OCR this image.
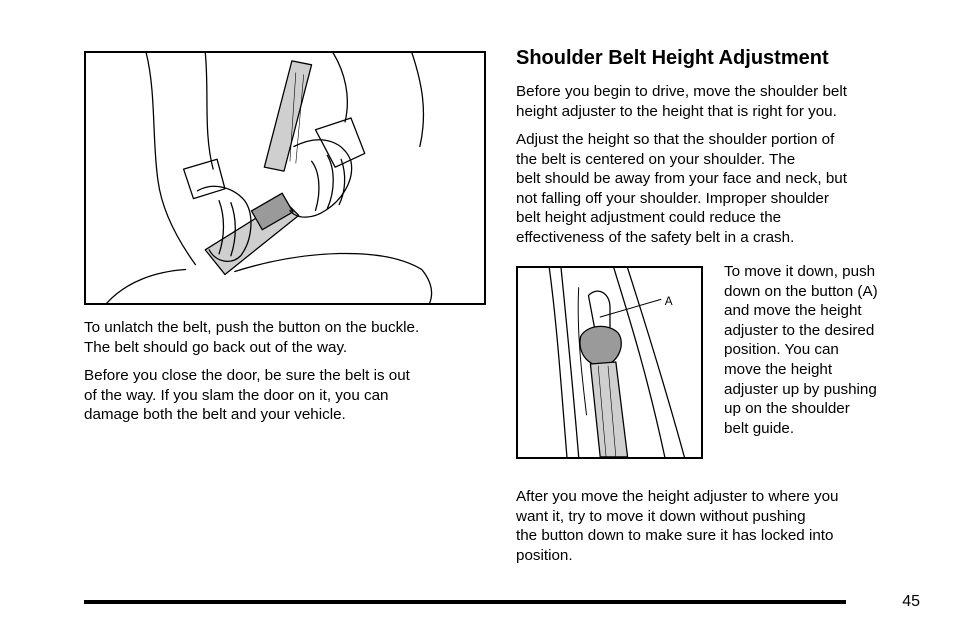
To unlatch the belt, push the button on the buckle.
The belt should go back out of the way.

Before you close the door, be sure the belt is out
of the way. If you slam the door on it, you can
damage both the belt and your vehicle.

Shoulder Belt Height Adjustment

Before you begin to drive, move the shoulder belt
height adjuster to the height that is right for you.

Adjust the height so that the shoulder portion of
the belt is centered on your shoulder. The
belt should be away from your face and neck, but
not falling off your shoulder. Improper shoulder
belt height adjustment could reduce the
effectiveness of the safety belt in a crash.

A

To move it down, push
down on the button (A)
and move the height
adjuster to the desired
position. You can
move the height
adjuster up by pushing
up on the shoulder
belt guide.

After you move the height adjuster to where you
want it, try to move it down without pushing
the button down to make sure it has locked into
position.

45
